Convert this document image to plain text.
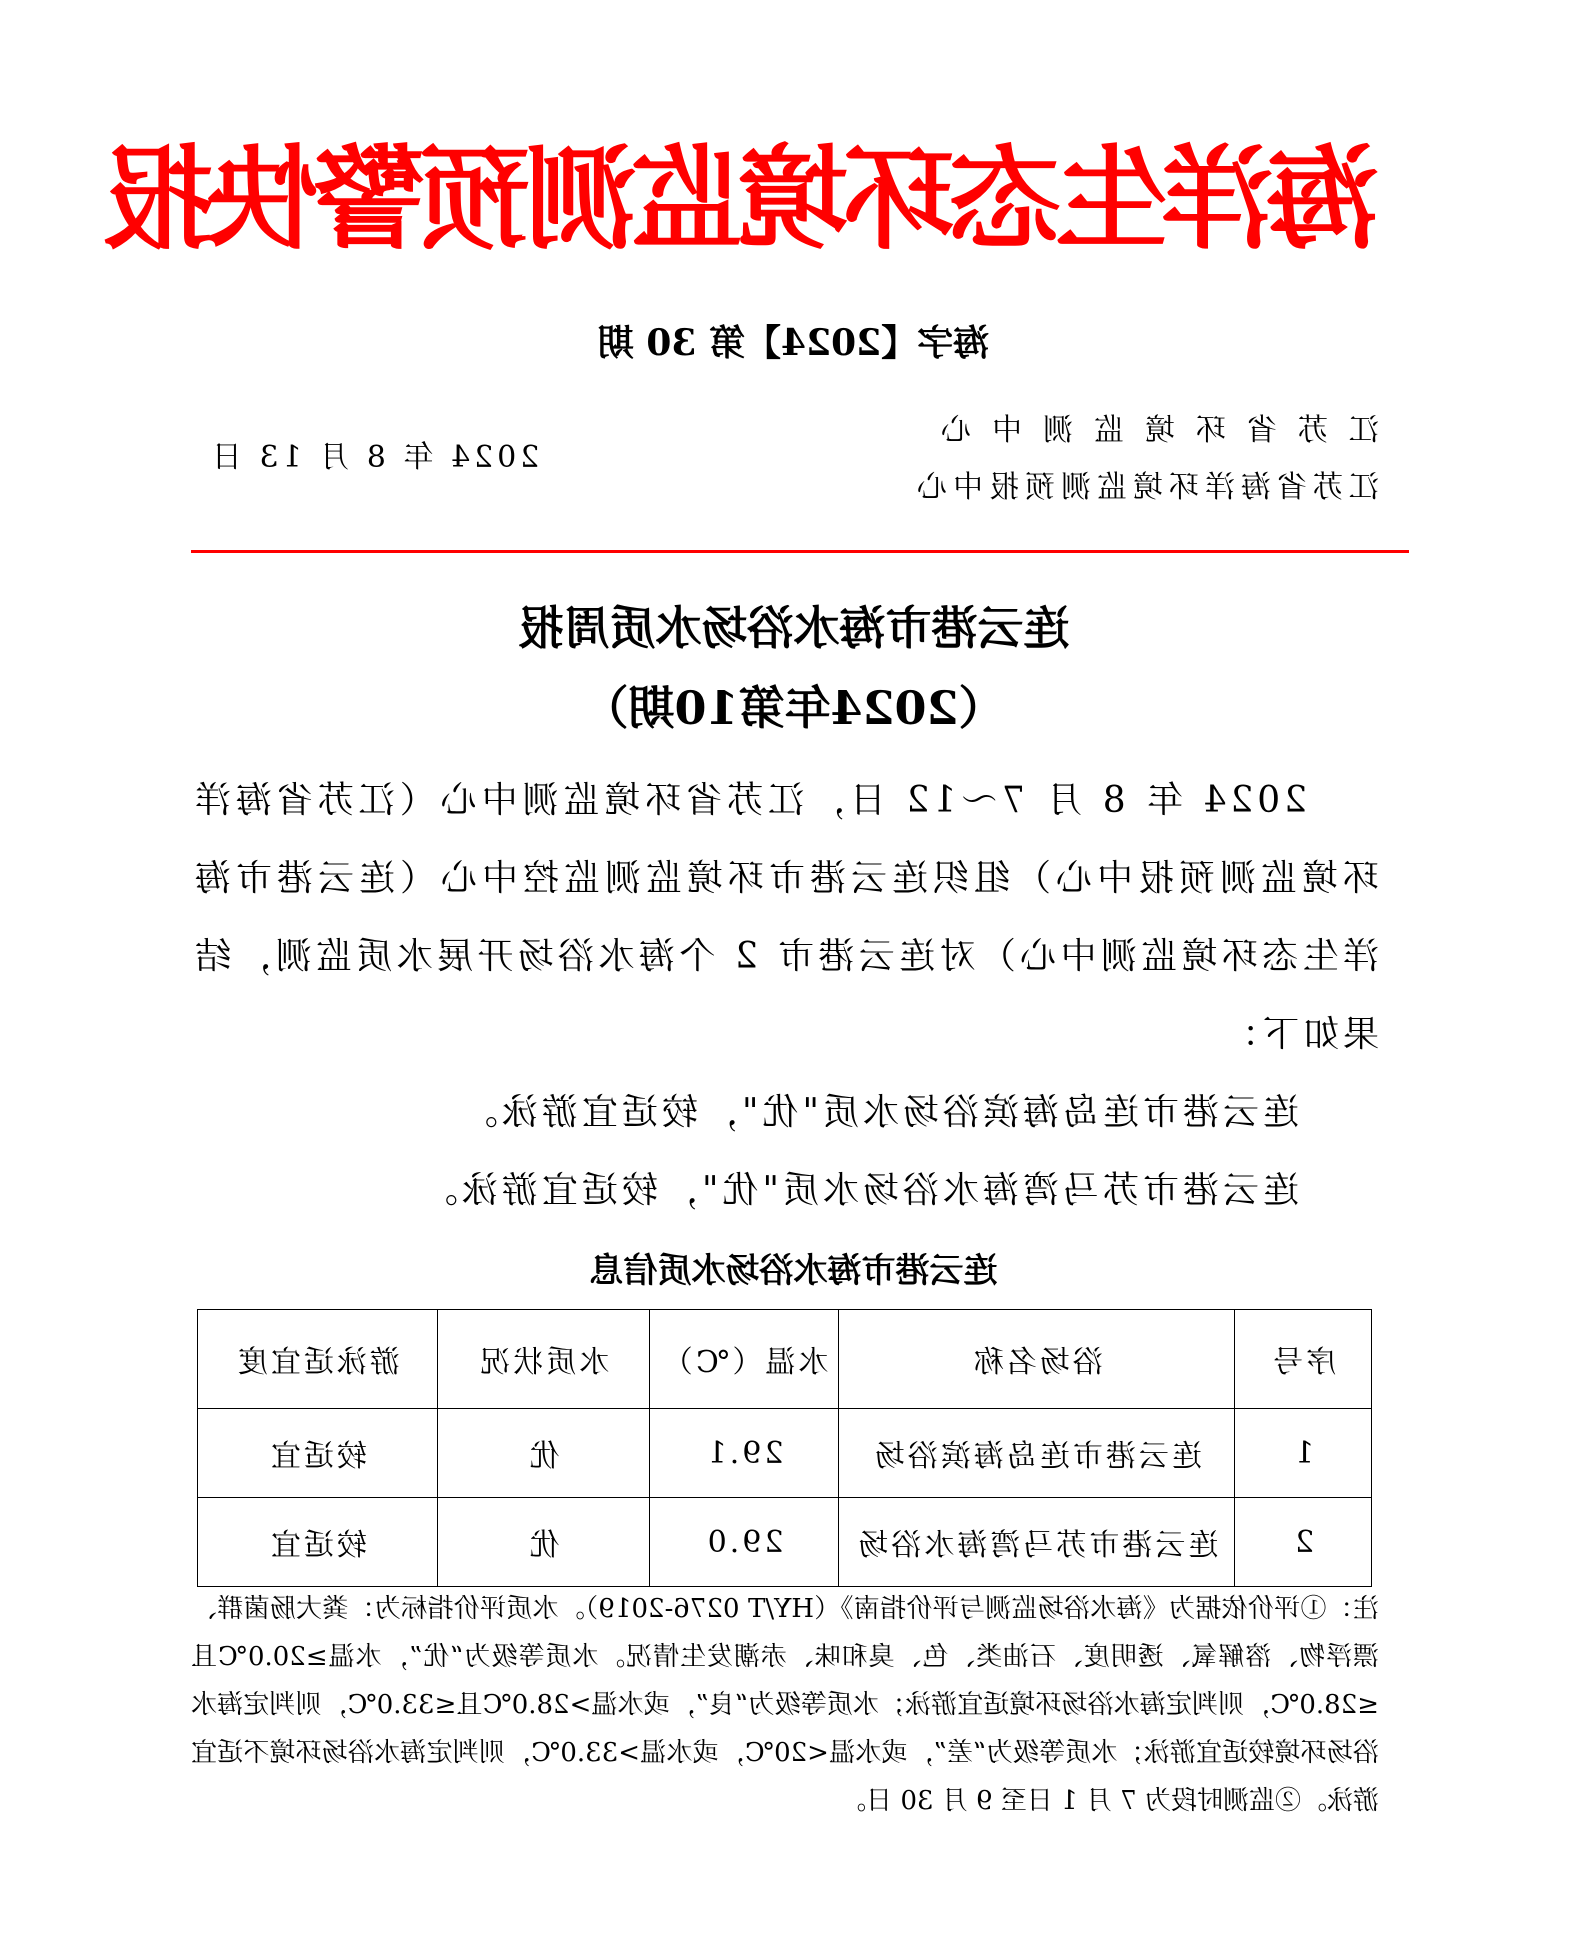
海洋生态环境监测预警快报
海字【2024】第 30 期
江苏省环境监测中心
江苏省海洋环境监测预报中心
2024 年 8 月 13 日
连云港市海水浴场水质周报
（2024年第10期）

2024 年 8 月 7～12 日，江苏省环境监测中心（江苏省海洋环境监测预报中心）组织连云港市环境监测监控中心（连云港市海洋生态环境监测中心）对连云港市 2 个海水浴场开展水质监测，结果如下：

连云港市连岛海滨浴场水质"优"，较适宜游泳。

连云港市苏马湾海水浴场水质"优"，较适宜游泳。

连云港市海水浴场水质信息
序号	浴场名称	水温（℃）	水质状况	游泳适宜度
1	连云港市连岛海滨浴场	29.1	优	较适宜
2	连云港市苏马湾海水浴场	29.0	优	较适宜
注：①评价依据为《海水浴场监测与评价指南》（HY/T 0276-2019）。水质评价指标为：粪大肠菌群、漂浮物、溶解氧、透明度、石油类、色、臭和味、赤潮发生情况。水质等级为“优”，水温≥20.0℃且≤28.0℃，则判定海水浴场环境适宜游泳；水质等级为“良”，或水温>28.0℃且≤33.0℃，则判定海水浴场环境较适宜游泳；水质等级为“差”，或水温<20℃，或水温>33.0℃，则判定海水浴场环境不适宜游泳。②监测时段为 7 月 1 日至 9 月 30 日。
